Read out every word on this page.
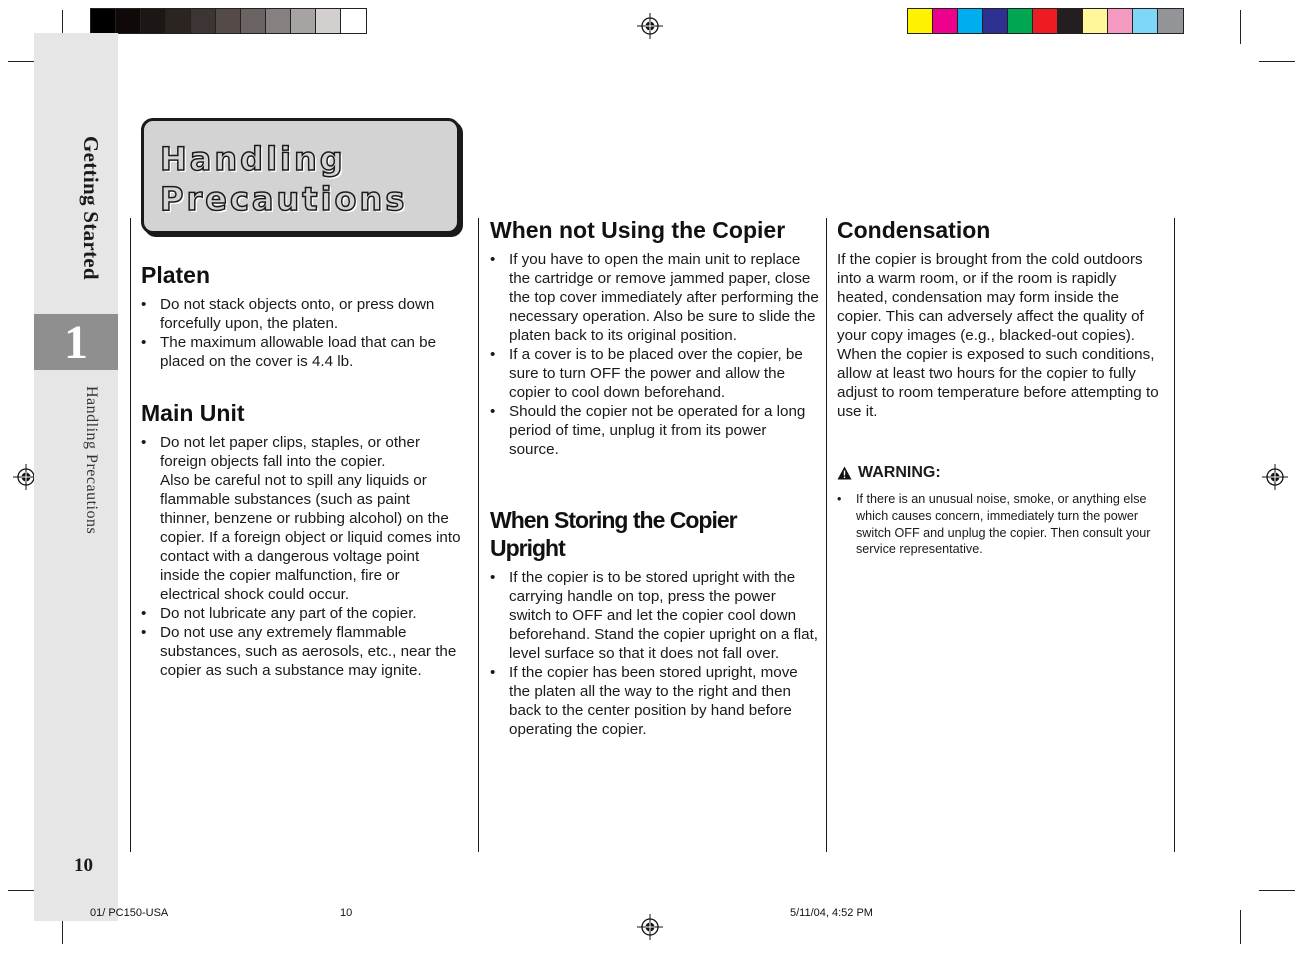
Getting Started
1
Handling Precautions
10
Handling
Precautions
Platen
• Do not stack objects onto, or press down forcefully upon, the platen.
• The maximum allowable load that can be placed on the cover is 4.4 lb.
Main Unit
• Do not let paper clips, staples, or other foreign objects fall into the copier.
Also be careful not to spill any liquids or flammable substances (such as paint thinner, benzene or rubbing alcohol) on the copier. If a foreign object or liquid comes into contact with a dangerous voltage point inside the copier malfunction, fire or electrical shock could occur.
• Do not lubricate any part of the copier.
• Do not use any extremely flammable substances, such as aerosols, etc., near the copier as such a substance may ignite.
When not Using the Copier
• If you have to open the main unit to replace the cartridge or remove jammed paper, close the top cover immediately after performing the necessary operation. Also be sure to slide the platen back to its original position.
• If a cover is to be placed over the copier, be sure to turn OFF the power and allow the copier to cool down beforehand.
• Should the copier not be operated for a long period of time, unplug it from its power source.
When Storing the Copier
Upright
• If the copier is to be stored upright with the carrying handle on top, press the power switch to OFF and let the copier cool down beforehand. Stand the copier upright on a flat, level surface so that it does not fall over.
• If the copier has been stored upright, move the platen all the way to the right and then back to the center position by hand before operating the copier.
Condensation

If the copier is brought from the cold outdoors into a warm room, or if the room is rapidly heated, condensation may form inside the copier. This can adversely affect the quality of your copy images (e.g., blacked-out copies). When the copier is exposed to such conditions, allow at least two hours for the copier to fully adjust to room temperature before attempting to use it.

WARNING:
• If there is an unusual noise, smoke, or anything else which causes concern, immediately turn the power switch OFF and unplug the copier. Then consult your service representative.
01/ PC150-USA	10	5/11/04, 4:52 PM
